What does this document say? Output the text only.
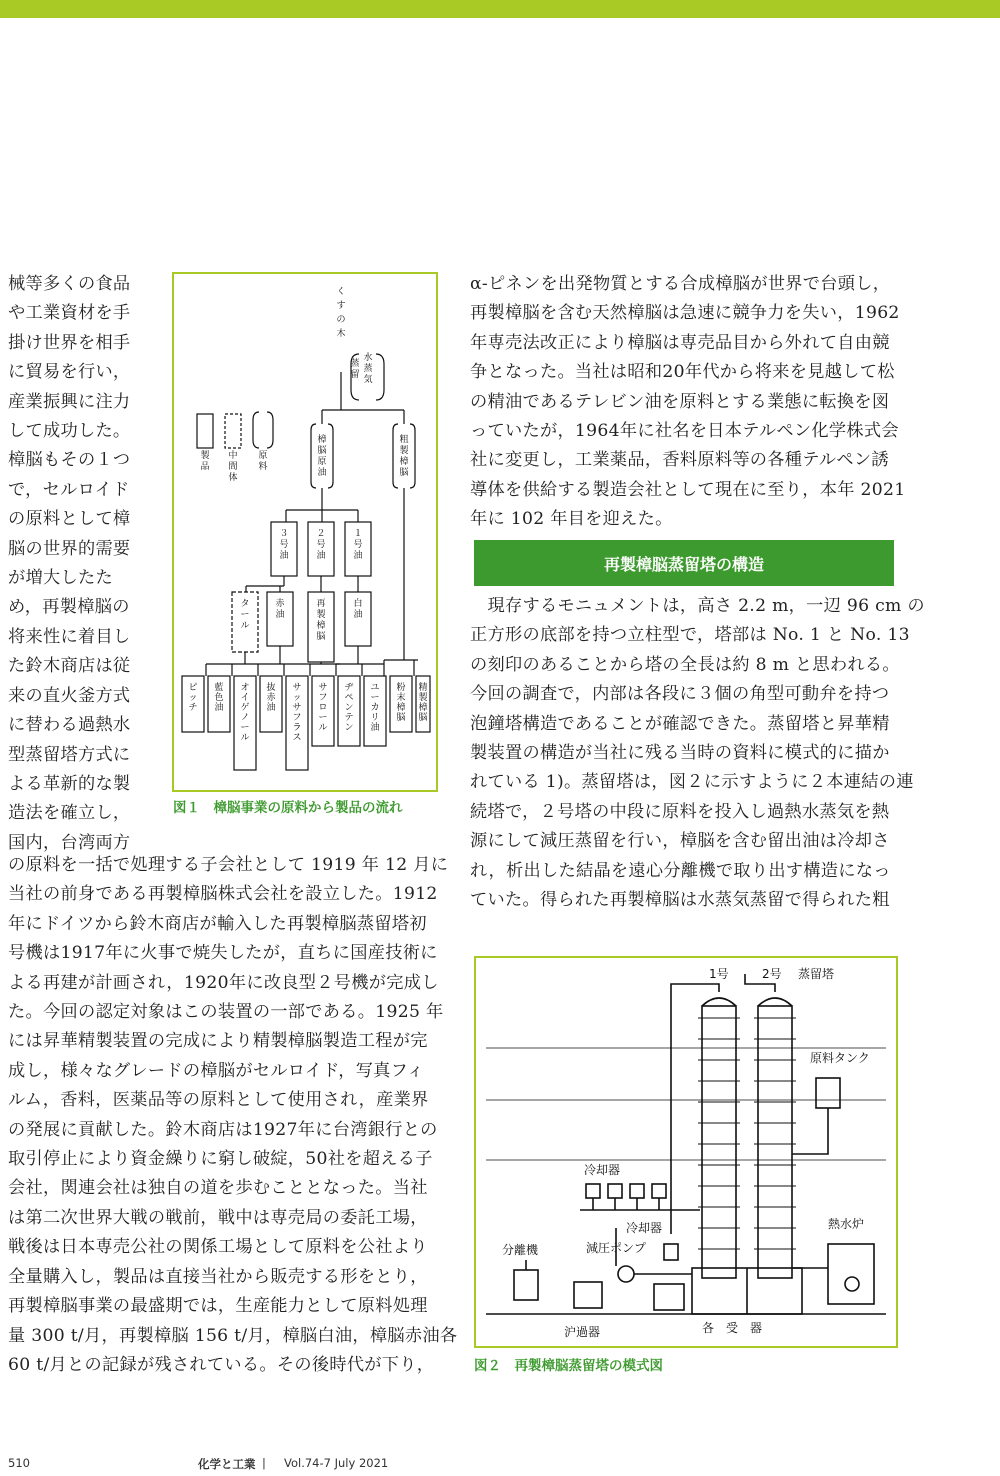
械等多くの食品

や工業資材を手

掛け世界を相手

に貿易を行い，

産業振興に注力

して成功した。

樟脳もその１つ

で，セルロイド

の原料として樟

脳の世界的需要

が増大したた

め，再製樟脳の

将来性に着目し

た鈴木商店は従

来の直火釜方式

に替わる過熱水

型蒸留塔方式に

よる革新的な製

造法を確立し，

国内，台湾両方

くすの木
蒸留
水蒸気
製品
中間体
原料
樟脳原油
粗製樟脳
３号油
２号油
１号油
タール
赤油
再製樟脳
白油
ピッチ
藍色油
オイゲノール
抜赤油
サッサフラス
サフロール
ヂペンテン
ユーカリ油
粉末樟脳
精製樟脳
図１　樟脳事業の原料から製品の流れ

の原料を一括で処理する子会社として 1919 年 12 月に

当社の前身である再製樟脳株式会社を設立した。1912

年にドイツから鈴木商店が輸入した再製樟脳蒸留塔初

号機は1917年に火事で焼失したが，直ちに国産技術に

よる再建が計画され，1920年に改良型２号機が完成し

た。今回の認定対象はこの装置の一部である。1925 年

には昇華精製装置の完成により精製樟脳製造工程が完

成し，様々なグレードの樟脳がセルロイド，写真フィ

ルム，香料，医薬品等の原料として使用され，産業界

の発展に貢献した。鈴木商店は1927年に台湾銀行との

取引停止により資金繰りに窮し破綻，50社を超える子

会社，関連会社は独自の道を歩むこととなった。当社

は第二次世界大戦の戦前，戦中は専売局の委託工場，

戦後は日本専売公社の関係工場として原料を公社より

全量購入し，製品は直接当社から販売する形をとり，

再製樟脳事業の最盛期では，生産能力として原料処理

量 300 t/月，再製樟脳 156 t/月，樟脳白油，樟脳赤油各

60 t/月との記録が残されている。その後時代が下り，

α-ピネンを出発物質とする合成樟脳が世界で台頭し，

再製樟脳を含む天然樟脳は急速に競争力を失い，1962

年専売法改正により樟脳は専売品目から外れて自由競

争となった。当社は昭和20年代から将来を見越して松

の精油であるテレビン油を原料とする業態に転換を図

っていたが，1964年に社名を日本テルペン化学株式会

社に変更し，工業薬品，香料原料等の各種テルペン誘

導体を供給する製造会社として現在に至り，本年 2021

年に 102 年目を迎えた。

再製樟脳蒸留塔の構造

　現存するモニュメントは，高さ 2.2 m，一辺 96 cm の

正方形の底部を持つ立柱型で，塔部は No. 1 と No. 13

の刻印のあることから塔の全長は約 8 m と思われる。

今回の調査で，内部は各段に３個の角型可動弁を持つ

泡鐘塔構造であることが確認できた。蒸留塔と昇華精

製装置の構造が当社に残る当時の資料に模式的に描か

れている 1)。蒸留塔は，図２に示すように２本連結の連

続塔で，２号塔の中段に原料を投入し過熱水蒸気を熱

源にして減圧蒸留を行い，樟脳を含む留出油は冷却さ

れ，析出した結晶を遠心分離機で取り出す構造になっ

ていた。得られた再製樟脳は水蒸気蒸留で得られた粗

1号	2号 蒸留塔
原料タンク
冷却器
冷却器
減圧ポンプ
熱水炉
分離機
沪過器	各　受　器
図２　再製樟脳蒸留塔の模式図
510	化学と工業 | Vol.74-7 July 2021
